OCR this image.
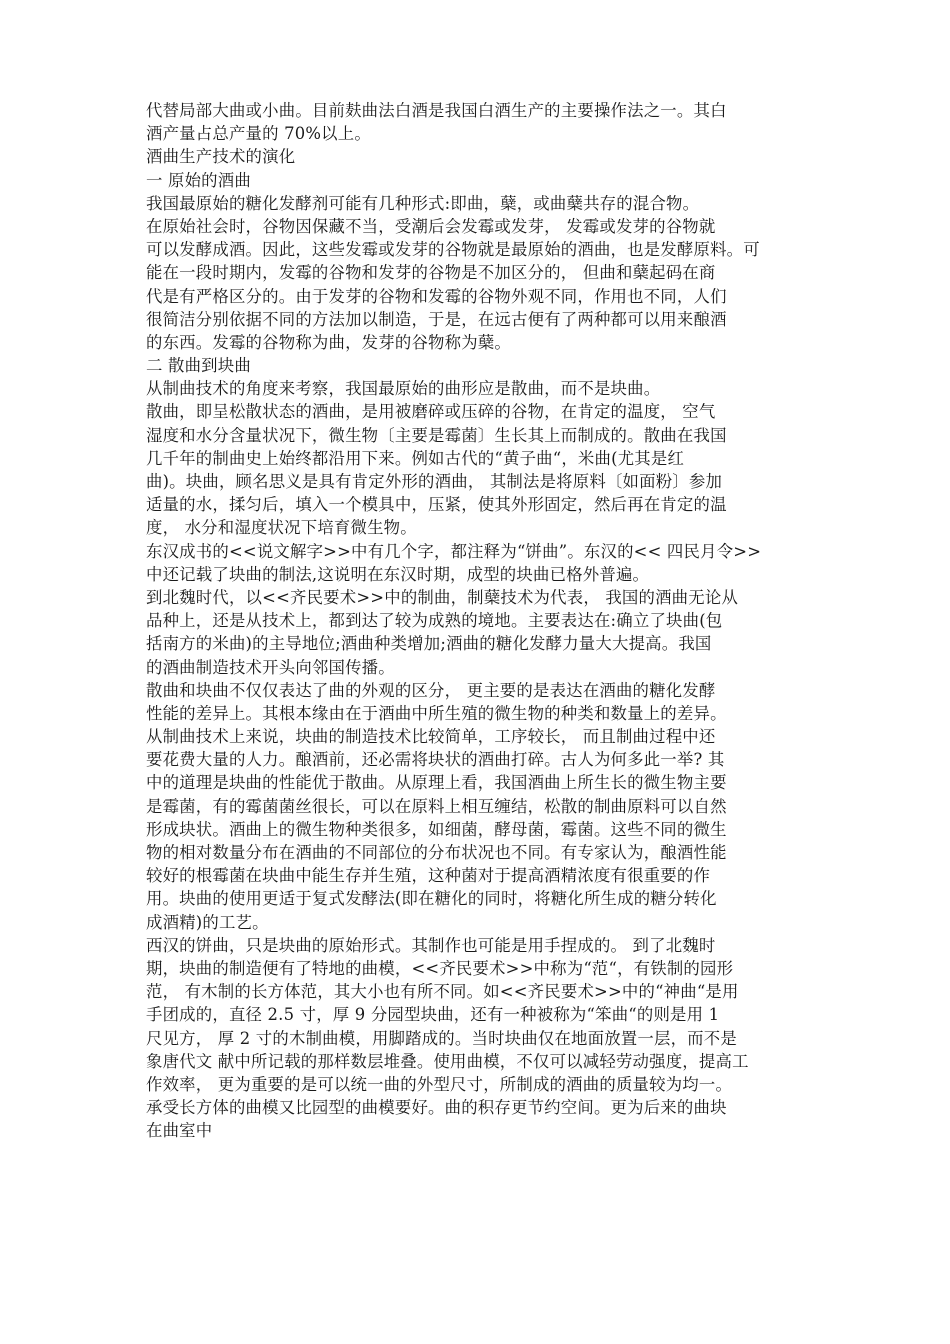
代替局部大曲或小曲。目前麸曲法白酒是我国白酒生产的主要操作法之一。其白
酒产量占总产量的 70%以上。
酒曲生产技术的演化
一 原始的酒曲
我国最原始的糖化发酵剂可能有几种形式:即曲，蘖，或曲蘖共存的混合物。
在原始社会时，谷物因保藏不当，受潮后会发霉或发芽， 发霉或发芽的谷物就
可以发酵成酒。因此，这些发霉或发芽的谷物就是最原始的酒曲，也是发酵原料。可
能在一段时期内，发霉的谷物和发芽的谷物是不加区分的， 但曲和蘖起码在商
代是有严格区分的。由于发芽的谷物和发霉的谷物外观不同，作用也不同，人们
很简洁分别依据不同的方法加以制造，于是，在远古便有了两种都可以用来酿酒
的东西。发霉的谷物称为曲，发芽的谷物称为蘖。
二 散曲到块曲
从制曲技术的角度来考察，我国最原始的曲形应是散曲，而不是块曲。
散曲，即呈松散状态的酒曲，是用被磨碎或压碎的谷物，在肯定的温度， 空气
湿度和水分含量状况下，微生物〔主要是霉菌〕生长其上而制成的。散曲在我国
几千年的制曲史上始终都沿用下来。例如古代的“黄子曲“，米曲(尤其是红
曲)。块曲，顾名思义是具有肯定外形的酒曲， 其制法是将原料〔如面粉〕参加
适量的水，揉匀后，填入一个模具中，压紧，使其外形固定，然后再在肯定的温
度， 水分和湿度状况下培育微生物。
东汉成书的<<说文解字>>中有几个字，都注释为“饼曲”。东汉的<< 四民月令>>
中还记载了块曲的制法,这说明在东汉时期，成型的块曲已格外普遍。
到北魏时代，以<<齐民要术>>中的制曲，制蘖技术为代表， 我国的酒曲无论从
品种上，还是从技术上，都到达了较为成熟的境地。主要表达在:确立了块曲(包
括南方的米曲)的主导地位;酒曲种类增加;酒曲的糖化发酵力量大大提高。我国
的酒曲制造技术开头向邻国传播。
散曲和块曲不仅仅表达了曲的外观的区分， 更主要的是表达在酒曲的糖化发酵
性能的差异上。其根本缘由在于酒曲中所生殖的微生物的种类和数量上的差异。
从制曲技术上来说，块曲的制造技术比较简单，工序较长， 而且制曲过程中还
要花费大量的人力。酿酒前，还必需将块状的酒曲打碎。古人为何多此一举? 其
中的道理是块曲的性能优于散曲。从原理上看，我国酒曲上所生长的微生物主要
是霉菌，有的霉菌菌丝很长，可以在原料上相互缠结，松散的制曲原料可以自然
形成块状。酒曲上的微生物种类很多，如细菌，酵母菌，霉菌。这些不同的微生
物的相对数量分布在酒曲的不同部位的分布状况也不同。有专家认为，酿酒性能
较好的根霉菌在块曲中能生存并生殖，这种菌对于提高酒精浓度有很重要的作
用。块曲的使用更适于复式发酵法(即在糖化的同时，将糖化所生成的糖分转化
成酒精)的工艺。
西汉的饼曲，只是块曲的原始形式。其制作也可能是用手捏成的。 到了北魏时
期，块曲的制造便有了特地的曲模，<<齐民要术>>中称为“范“，有铁制的园形
范， 有木制的长方体范，其大小也有所不同。如<<齐民要术>>中的“神曲“是用
手团成的，直径 2.5 寸，厚 9 分园型块曲，还有一种被称为“笨曲“的则是用 1
尺见方， 厚 2 寸的木制曲模，用脚踏成的。当时块曲仅在地面放置一层，而不是
象唐代文 献中所记载的那样数层堆叠。使用曲模，不仅可以减轻劳动强度，提高工
作效率， 更为重要的是可以统一曲的外型尺寸，所制成的酒曲的质量较为均一。
承受长方体的曲模又比园型的曲模要好。曲的积存更节约空间。更为后来的曲块
在曲室中
